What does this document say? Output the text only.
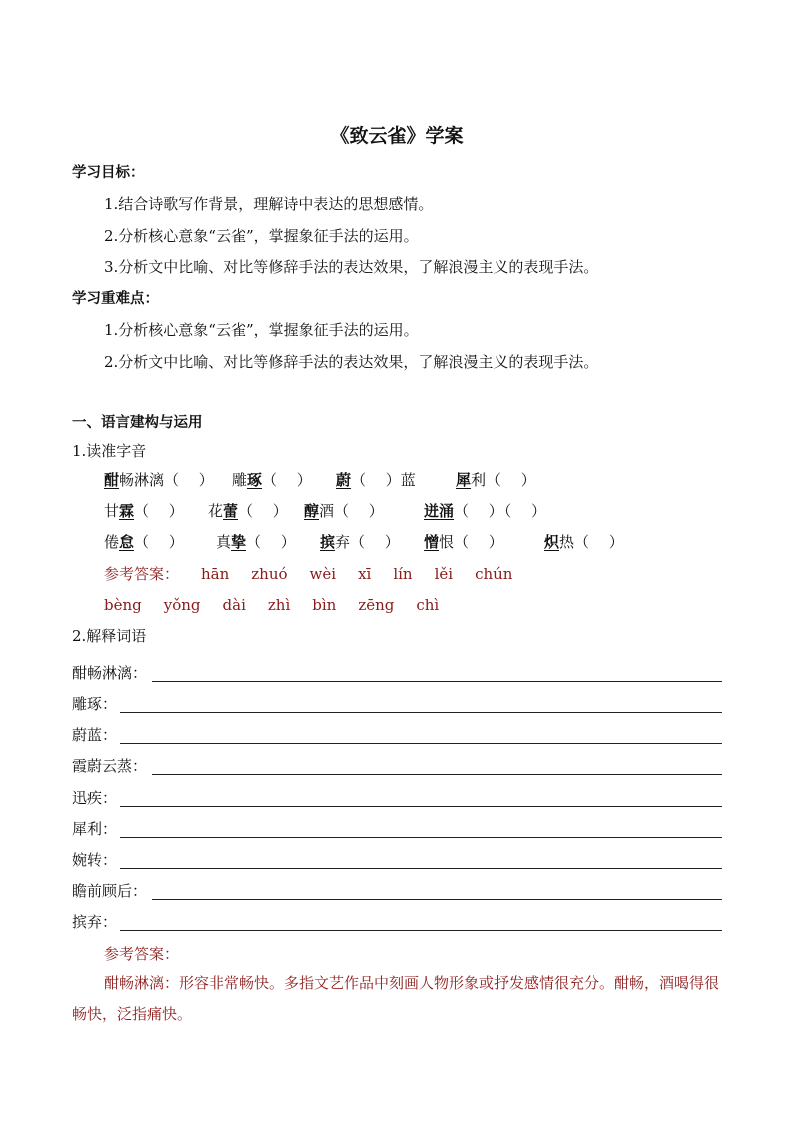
《致云雀》学案
学习目标：
1.结合诗歌写作背景，理解诗中表达的思想感情。
2.分析核心意象“云雀”，掌握象征手法的运用。
3.分析文中比喻、对比等修辞手法的表达效果，了解浪漫主义的表现手法。
学习重难点：
1.分析核心意象“云雀”，掌握象征手法的运用。
2.分析文中比喻、对比等修辞手法的表达效果，了解浪漫主义的表现手法。
一、语言建构与运用
1.读准字音
酣畅淋漓（　 ） 雕琢（　 ） 蔚（　 ）蓝	犀利（　 ）
甘霖（　 ） 花蕾（　 ） 醇酒（　 ）	迸涌（　 ）（　 ）
倦怠（　 ） 真挚（　 ） 摈弃（　 ） 憎恨（　 ）	炽热（　 ）
参考答案： hān zhuó wèi xī lín lěi chún
bèng yǒng dài zhì bìn zēng chì
2.解释词语
酣畅淋漓：
雕琢：
蔚蓝：
霞蔚云蒸：
迅疾：
犀利：
婉转：
瞻前顾后：
摈弃：
参考答案：
酣畅淋漓：形容非常畅快。多指文艺作品中刻画人物形象或抒发感情很充分。酣畅，酒喝得很畅快，泛指痛快。
